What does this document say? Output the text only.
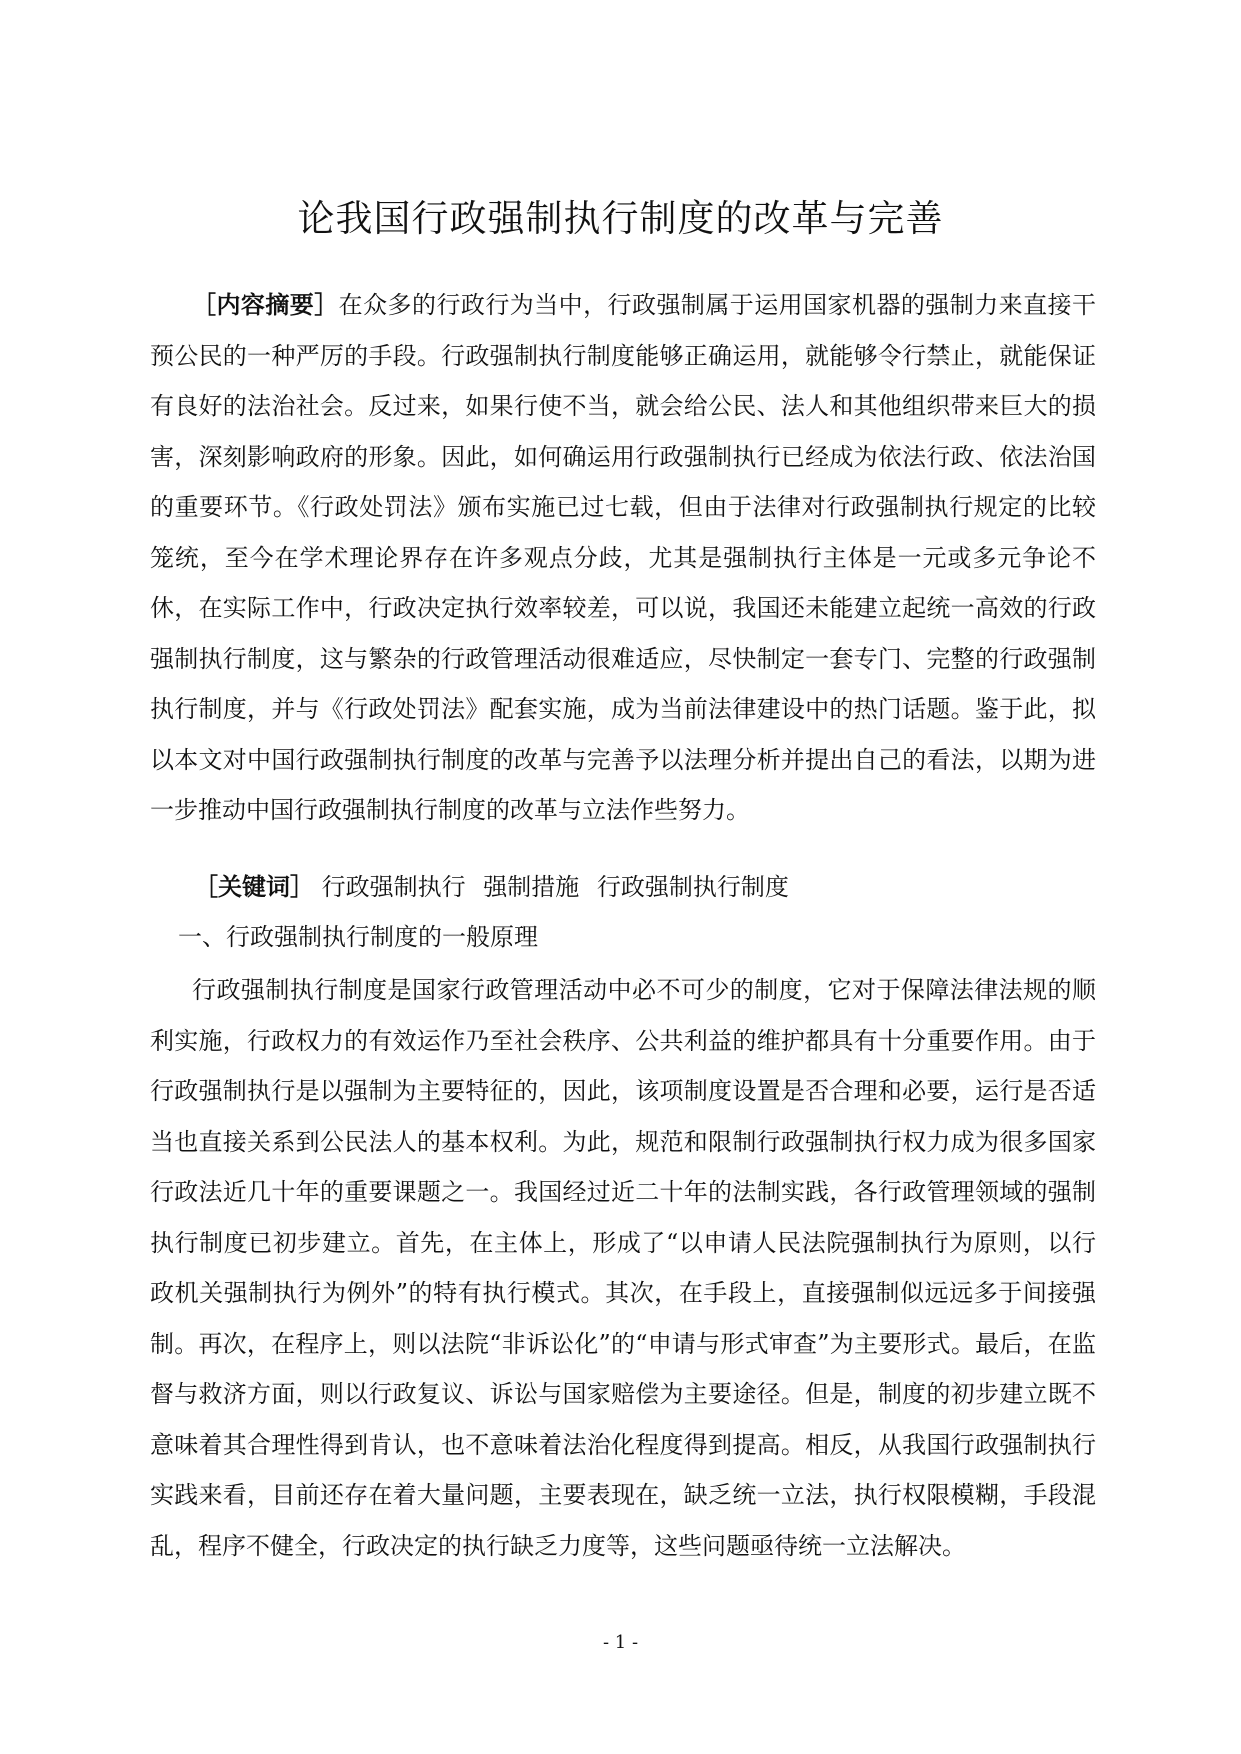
论我国行政强制执行制度的改革与完善
［内容摘要］在众多的行政行为当中，行政强制属于运用国家机器的强制力来直接干预公民的一种严厉的手段。行政强制执行制度能够正确运用，就能够令行禁止，就能保证有良好的法治社会。反过来，如果行使不当，就会给公民、法人和其他组织带来巨大的损害，深刻影响政府的形象。因此，如何确运用行政强制执行已经成为依法行政、依法治国的重要环节。《行政处罚法》颁布实施已过七载，但由于法律对行政强制执行规定的比较笼统，至今在学术理论界存在许多观点分歧，尤其是强制执行主体是一元或多元争论不休，在实际工作中，行政决定执行效率较差，可以说，我国还未能建立起统一高效的行政强制执行制度，这与繁杂的行政管理活动很难适应，尽快制定一套专门、完整的行政强制执行制度，并与《行政处罚法》配套实施，成为当前法律建设中的热门话题。鉴于此，拟以本文对中国行政强制执行制度的改革与完善予以法理分析并提出自己的看法，以期为进一步推动中国行政强制执行制度的改革与立法作些努力。
［关键词］ 行政强制执行 强制措施 行政强制执行制度
一、行政强制执行制度的一般原理
行政强制执行制度是国家行政管理活动中必不可少的制度，它对于保障法律法规的顺利实施，行政权力的有效运作乃至社会秩序、公共利益的维护都具有十分重要作用。由于行政强制执行是以强制为主要特征的，因此，该项制度设置是否合理和必要，运行是否适当也直接关系到公民法人的基本权利。为此，规范和限制行政强制执行权力成为很多国家行政法近几十年的重要课题之一。我国经过近二十年的法制实践，各行政管理领域的强制执行制度已初步建立。首先，在主体上，形成了“以申请人民法院强制执行为原则，以行政机关强制执行为例外”的特有执行模式。其次，在手段上，直接强制似远远多于间接强制。再次，在程序上，则以法院“非诉讼化”的“申请与形式审查”为主要形式。最后，在监督与救济方面，则以行政复议、诉讼与国家赔偿为主要途径。但是，制度的初步建立既不意味着其合理性得到肯认，也不意味着法治化程度得到提高。相反，从我国行政强制执行实践来看，目前还存在着大量问题，主要表现在，缺乏统一立法，执行权限模糊，手段混乱，程序不健全，行政决定的执行缺乏力度等，这些问题亟待统一立法解决。
- 1 -
